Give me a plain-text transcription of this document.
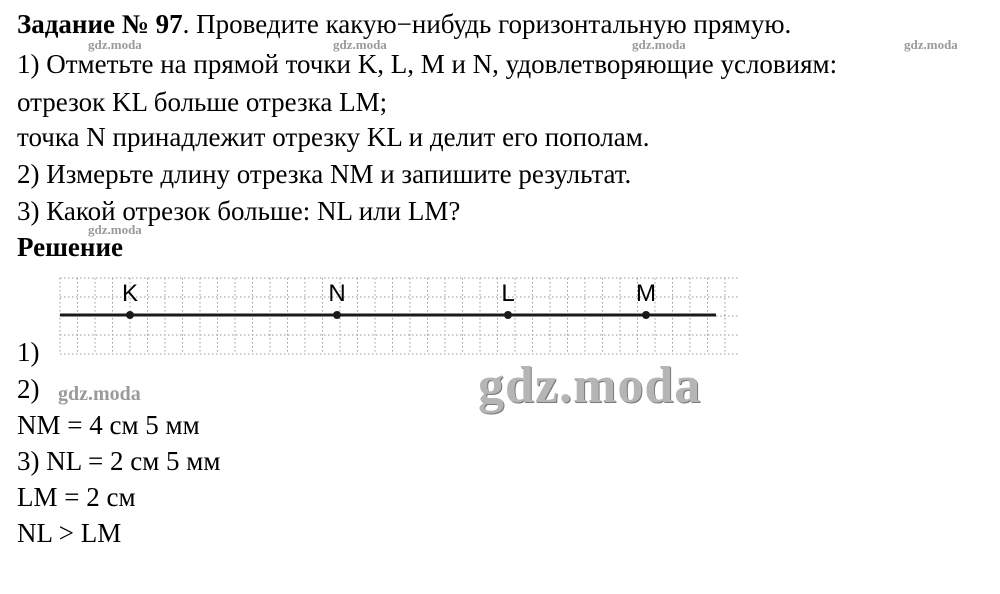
Задание № 97. Проведите какую−нибудь горизонтальную прямую.
1) Отметьте на прямой точки K, L, M и N, удовлетворяющие условиям:
отрезок KL больше отрезка LM;
точка N принадлежит отрезку KL и делит его пополам.
2) Измерьте длину отрезка NM и запишите результат.
3) Какой отрезок больше: NL или LM?
Решение
K	N	L	M
1)
2)
NM = 4 см 5 мм
3) NL = 2 см 5 мм
LM = 2 см
NL > LM
gdz.moda	gdz.moda	gdz.moda	gdz.moda
gdz.moda
gdz.moda	gdz.moda
